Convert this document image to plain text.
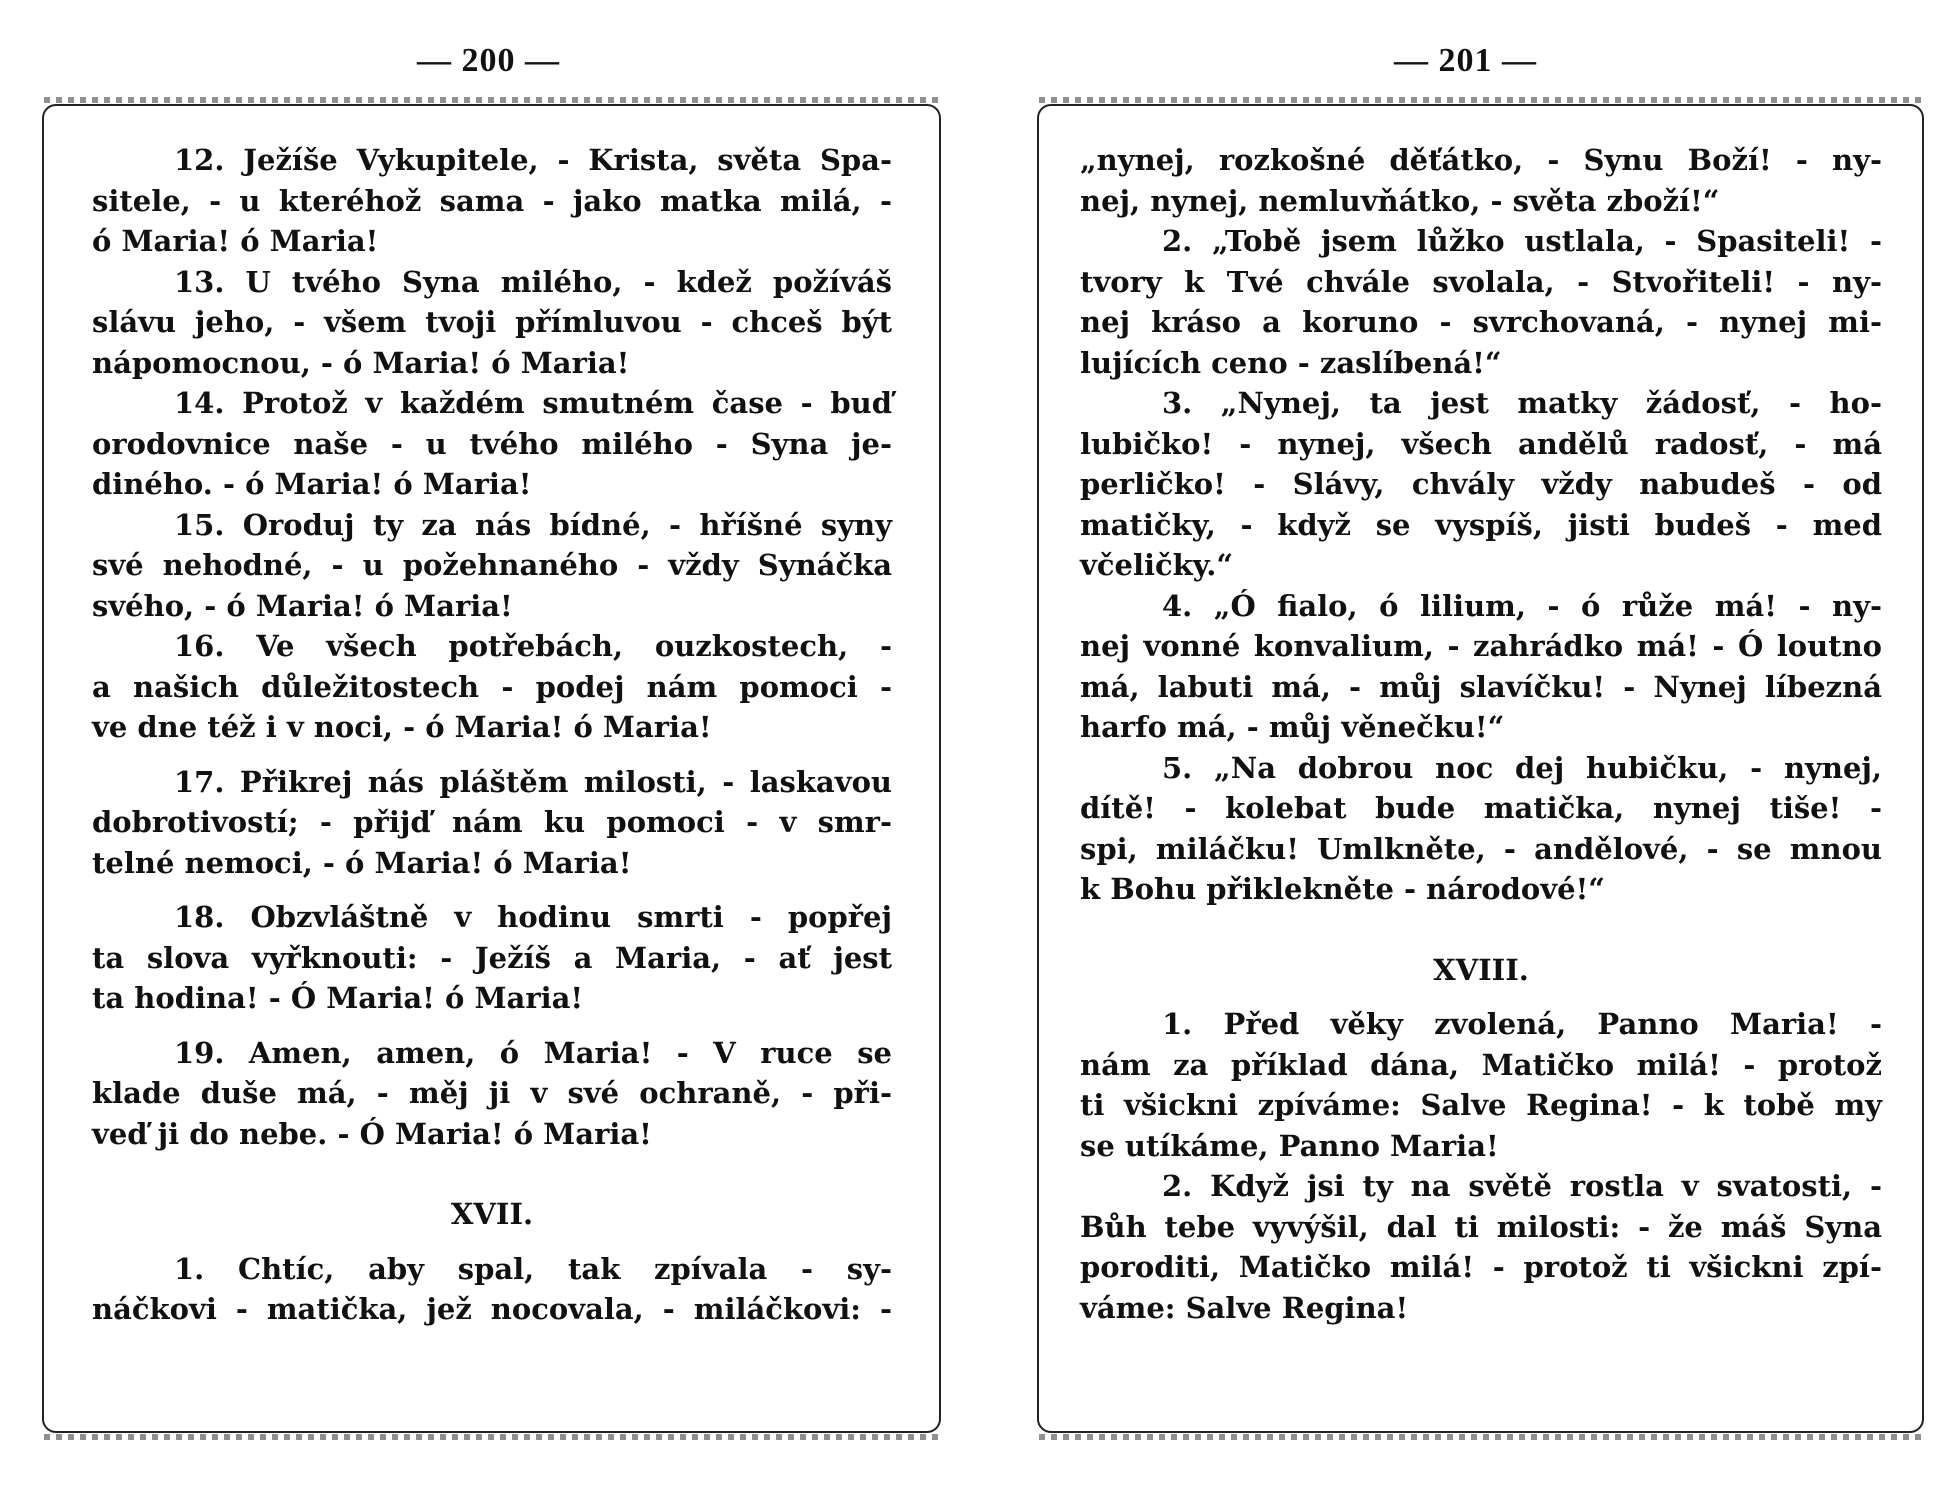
— 200 —
12. Ježíše Vykupitele, - Krista, světa Spa-
sitele, - u kteréhož sama - jako matka milá, -
ó Maria! ó Maria!
13. U tvého Syna milého, - kdež požíváš
slávu jeho, - všem tvoji přímluvou - chceš být
nápomocnou, - ó Maria! ó Maria!
14. Protož v každém smutném čase - buď
orodovnice naše - u tvého milého - Syna je-
diného. - ó Maria! ó Maria!
15. Oroduj ty za nás bídné, - hříšné syny
své nehodné, - u požehnaného - vždy Synáčka
svého, - ó Maria! ó Maria!
16. Ve všech potřebách, ouzkostech, -
a našich důležitostech - podej nám pomoci -
ve dne též i v noci, - ó Maria! ó Maria!
17. Přikrej nás pláštěm milosti, - laskavou
dobrotivostí; - přijď nám ku pomoci - v smr-
telné nemoci, - ó Maria! ó Maria!
18. Obzvláštně v hodinu smrti - popřej
ta slova vyřknouti: - Ježíš a Maria, - ať jest
ta hodina! - Ó Maria! ó Maria!
19. Amen, amen, ó Maria! - V ruce se
klade duše má, - měj ji v své ochraně, - při-
veď ji do nebe. - Ó Maria! ó Maria!
XVII.
1. Chtíc, aby spal, tak zpívala - sy-
náčkovi - matička, jež nocovala, - miláčkovi: -
— 201 —
„nynej, rozkošné děťátko, - Synu Boží! - ny-
nej, nynej, nemluvňátko, - světa zboží!“
2. „Tobě jsem lůžko ustlala, - Spasiteli! -
tvory k Tvé chvále svolala, - Stvořiteli! - ny-
nej kráso a koruno - svrchovaná, - nynej mi-
lujících ceno - zaslíbená!“
3. „Nynej, ta jest matky žádosť, - ho-
lubičko! - nynej, všech andělů radosť, - má
perličko! - Slávy, chvály vždy nabudeš - od
matičky, - když se vyspíš, jisti budeš - med
včeličky.“
4. „Ó fialo, ó lilium, - ó růže má! - ny-
nej vonné konvalium, - zahrádko má! - Ó loutno
má, labuti má, - můj slavíčku! - Nynej líbezná
harfo má, - můj věnečku!“
5. „Na dobrou noc dej hubičku, - nynej,
dítě! - kolebat bude matička, nynej tiše! -
spi, miláčku! Umlkněte, - andělové, - se mnou
k Bohu přiklekněte - národové!“
XVIII.
1. Před věky zvolená, Panno Maria! -
nám za příklad dána, Matičko milá! - protož
ti všickni zpíváme: Salve Regina! - k tobě my
se utíkáme, Panno Maria!
2. Když jsi ty na světě rostla v svatosti, -
Bůh tebe vyvýšil, dal ti milosti: - že máš Syna
poroditi, Matičko milá! - protož ti všickni zpí-
váme: Salve Regina!
